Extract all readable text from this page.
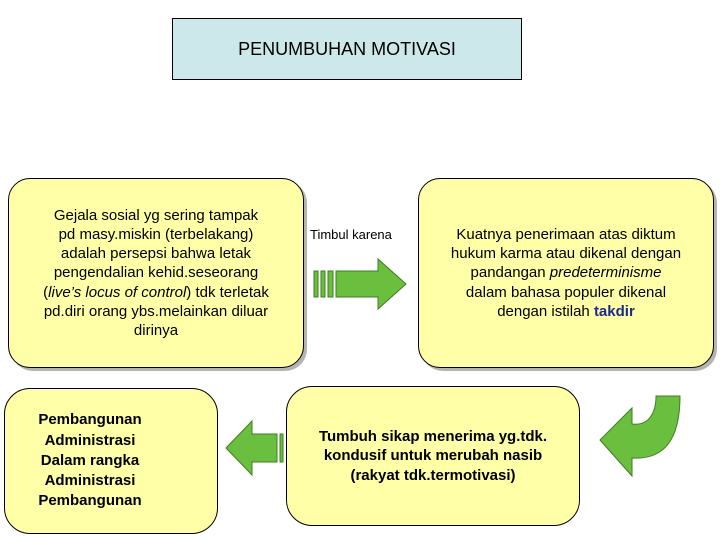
PENUMBUHAN MOTIVASI
Gejala sosial yg sering tampak
pd masy.miskin (terbelakang)
adalah persepsi bahwa letak
pengendalian kehid.seseorang
(live’s locus of control) tdk terletak
pd.diri orang ybs.melainkan diluar
dirinya
Timbul karena	Kuatnya penerimaan atas diktum
hukum karma atau dikenal dengan
pandangan predeterminisme
dalam bahasa populer dikenal
dengan istilah takdir
Tumbuh sikap menerima yg.tdk.
kondusif untuk merubah nasib
(rakyat tdk.termotivasi)
Pembangunan
Administrasi
Dalam rangka
Administrasi
Pembangunan
